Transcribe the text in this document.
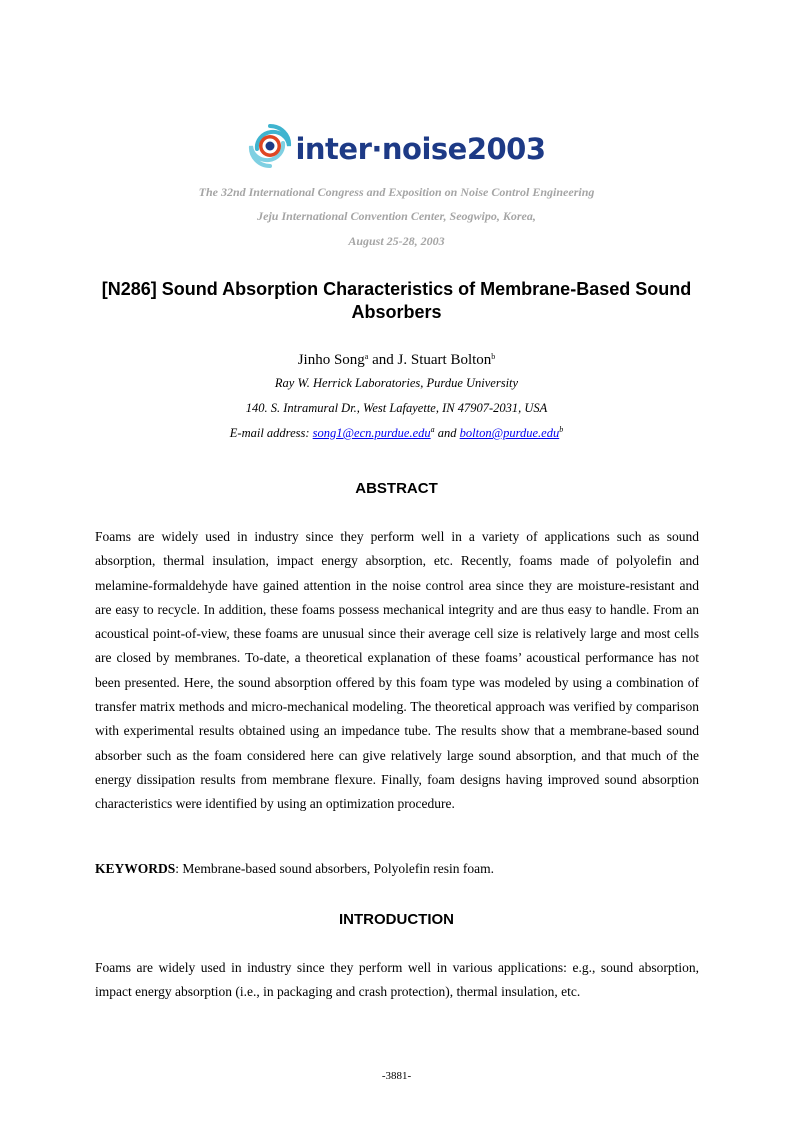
inter·noise2003
The 32nd International Congress and Exposition on Noise Control Engineering
Jeju International Convention Center, Seogwipo, Korea,
August 25-28, 2003
[N286] Sound Absorption Characteristics of Membrane-Based Sound Absorbers
Jinho Song$^a$ and J. Stuart Bolton$^b$
Ray W. Herrick Laboratories, Purdue University
140. S. Intramural Dr., West Lafayette, IN 47907-2031, USA
E-mail address: song1@ecn.purdue.edu$^a$ and bolton@purdue.edu$^b$
ABSTRACT
Foams are widely used in industry since they perform well in a variety of applications such as sound absorption, thermal insulation, impact energy absorption, etc. Recently, foams made of polyolefin and melamine-formaldehyde have gained attention in the noise control area since they are moisture-resistant and are easy to recycle. In addition, these foams possess mechanical integrity and are thus easy to handle. From an acoustical point-of-view, these foams are unusual since their average cell size is relatively large and most cells are closed by membranes. To-date, a theoretical explanation of these foams’ acoustical performance has not been presented. Here, the sound absorption offered by this foam type was modeled by using a combination of transfer matrix methods and micro-mechanical modeling. The theoretical approach was verified by comparison with experimental results obtained using an impedance tube. The results show that a membrane-based sound absorber such as the foam considered here can give relatively large sound absorption, and that much of the energy dissipation results from membrane flexure. Finally, foam designs having improved sound absorption characteristics were identified by using an optimization procedure.
KEYWORDS: Membrane-based sound absorbers, Polyolefin resin foam.
INTRODUCTION
Foams are widely used in industry since they perform well in various applications: e.g., sound absorption, impact energy absorption (i.e., in packaging and crash protection), thermal insulation, etc.
-3881-
